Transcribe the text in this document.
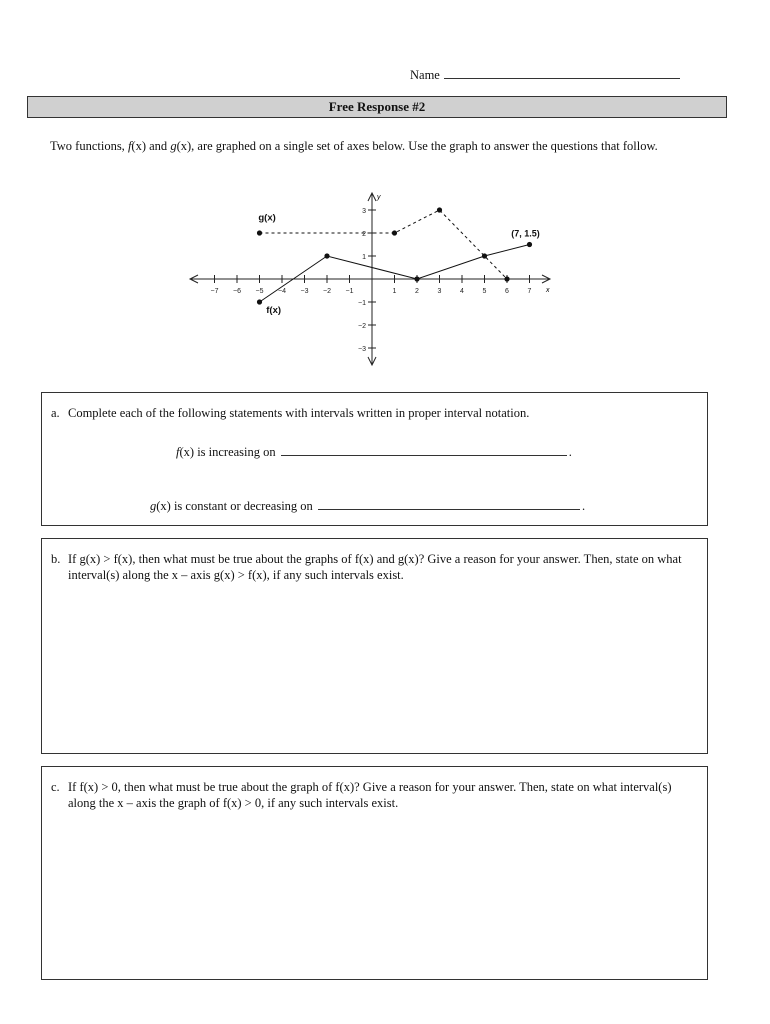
Name
Free Response #2
Two functions, f(x) and g(x), are graphed on a single set of axes below. Use the graph to answer the questions that follow.
−7 −6 −5 −4 −3 −2 −1	1	2	3	4	5	6	7
−3
−2
−1
1
2
3
x
y
f(x)
g(x)
(7, 1.5)
a. Complete each of the following statements with intervals written in proper interval notation.
f(x) is increasing on	.
g(x) is constant or decreasing on	.
b. If g(x) > f(x), then what must be true about the graphs of f(x) and g(x)? Give a reason for your answer. Then, state on what interval(s) along the x – axis g(x) > f(x), if any such intervals exist.
c. If f(x) > 0, then what must be true about the graph of f(x)? Give a reason for your answer. Then, state on what interval(s) along the x – axis the graph of f(x) > 0, if any such intervals exist.
